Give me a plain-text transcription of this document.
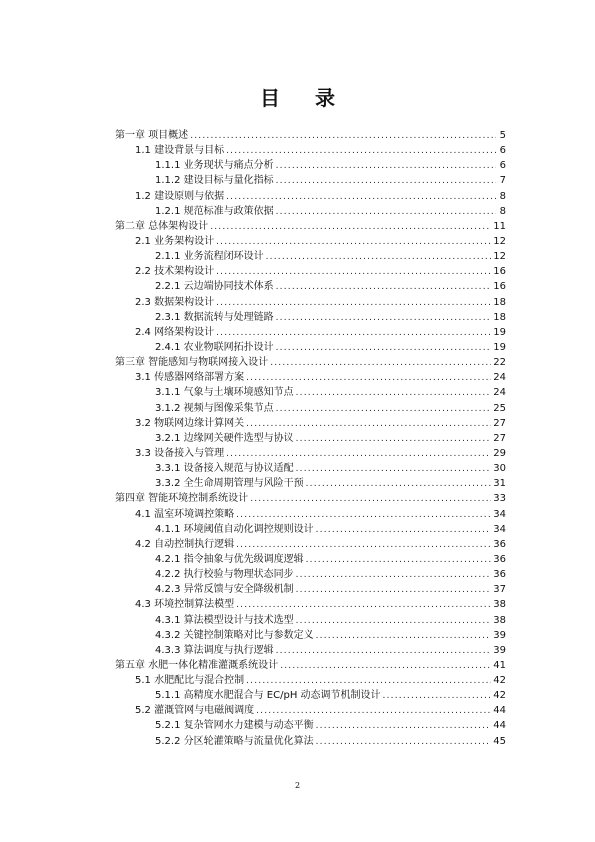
目 录
第一章 项目概述 .....	5
1.1 建设背景与目标 .....	6
1.1.1 业务现状与痛点分析 .....	6
1.1.2 建设目标与量化指标 .....	7
1.2 建设原则与依据 .....	8
1.2.1 规范标准与政策依据 .....	8
第二章 总体架构设计 .....	11
2.1 业务架构设计 .....	12
2.1.1 业务流程闭环设计 .....	12
2.2 技术架构设计 .....	16
2.2.1 云边端协同技术体系 .....	16
2.3 数据架构设计 .....	18
2.3.1 数据流转与处理链路 .....	18
2.4 网络架构设计 .....	19
2.4.1 农业物联网拓扑设计 .....	19
第三章 智能感知与物联网接入设计 .....	22
3.1 传感器网络部署方案 .....	24
3.1.1 气象与土壤环境感知节点 .....	24
3.1.2 视频与图像采集节点 .....	25
3.2 物联网边缘计算网关 .....	27
3.2.1 边缘网关硬件选型与协议 .....	27
3.3 设备接入与管理 .....	29
3.3.1 设备接入规范与协议适配 .....	30
3.3.2 全生命周期管理与风险干预 .....	31
第四章 智能环境控制系统设计 .....	33
4.1 温室环境调控策略 .....	34
4.1.1 环境阈值自动化调控规则设计 .....	34
4.2 自动控制执行逻辑 .....	36
4.2.1 指令抽象与优先级调度逻辑 .....	36
4.2.2 执行校验与物理状态同步 .....	36
4.2.3 异常反馈与安全降级机制 .....	37
4.3 环境控制算法模型 .....	38
4.3.1 算法模型设计与技术选型 .....	38
4.3.2 关键控制策略对比与参数定义 .....	39
4.3.3 算法调度与执行逻辑 .....	39
第五章 水肥一体化精准灌溉系统设计 .....	41
5.1 水肥配比与混合控制 .....	42
5.1.1 高精度水肥混合与 EC/pH 动态调节机制设计 .....	42
5.2 灌溉管网与电磁阀调度 .....	44
5.2.1 复杂管网水力建模与动态平衡 .....	44
5.2.2 分区轮灌策略与流量优化算法 .....	45
2
